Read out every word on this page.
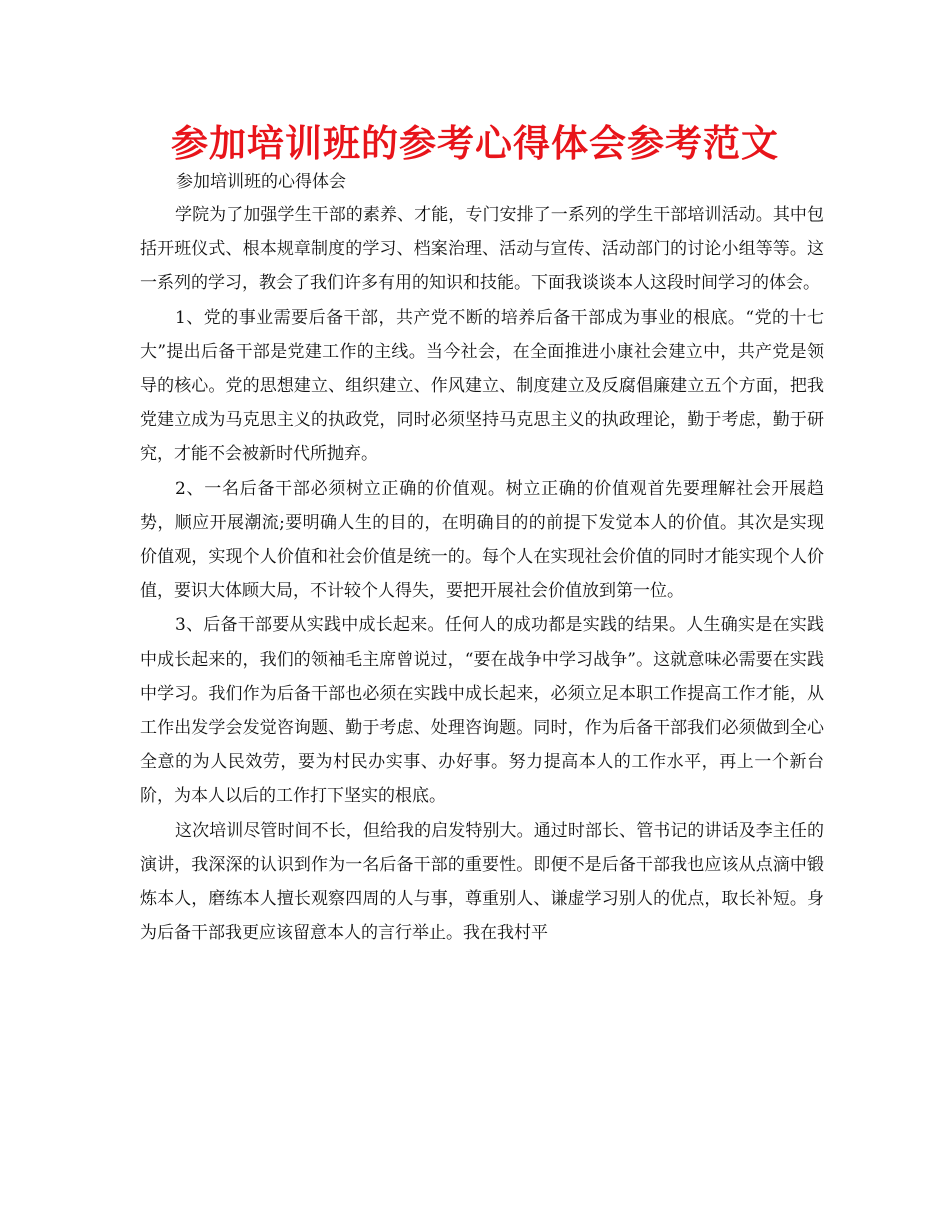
参加培训班的参考心得体会参考范文

参加培训班的心得体会

学院为了加强学生干部的素养、才能，专门安排了一系列的学生干部培训活动。其中包括开班仪式、根本规章制度的学习、档案治理、活动与宣传、活动部门的讨论小组等等。这一系列的学习，教会了我们许多有用的知识和技能。下面我谈谈本人这段时间学习的体会。

1、党的事业需要后备干部，共产党不断的培养后备干部成为事业的根底。“党的十七大”提出后备干部是党建工作的主线。当今社会，在全面推进小康社会建立中，共产党是领导的核心。党的思想建立、组织建立、作风建立、制度建立及反腐倡廉建立五个方面，把我党建立成为马克思主义的执政党，同时必须坚持马克思主义的执政理论，勤于考虑，勤于研究，才能不会被新时代所抛弃。

2、一名后备干部必须树立正确的价值观。树立正确的价值观首先要理解社会开展趋势，顺应开展潮流;要明确人生的目的，在明确目的的前提下发觉本人的价值。其次是实现价值观，实现个人价值和社会价值是统一的。每个人在实现社会价值的同时才能实现个人价值，要识大体顾大局，不计较个人得失，要把开展社会价值放到第一位。

3、后备干部要从实践中成长起来。任何人的成功都是实践的结果。人生确实是在实践中成长起来的，我们的领袖毛主席曾说过，“要在战争中学习战争”。这就意味必需要在实践中学习。我们作为后备干部也必须在实践中成长起来，必须立足本职工作提高工作才能，从工作出发学会发觉咨询题、勤于考虑、处理咨询题。同时，作为后备干部我们必须做到全心全意的为人民效劳，要为村民办实事、办好事。努力提高本人的工作水平，再上一个新台阶，为本人以后的工作打下坚实的根底。

这次培训尽管时间不长，但给我的启发特别大。通过时部长、管书记的讲话及李主任的演讲，我深深的认识到作为一名后备干部的重要性。即便不是后备干部我也应该从点滴中锻炼本人，磨练本人擅长观察四周的人与事，尊重别人、谦虚学习别人的优点，取长补短。身为后备干部我更应该留意本人的言行举止。我在我村平
